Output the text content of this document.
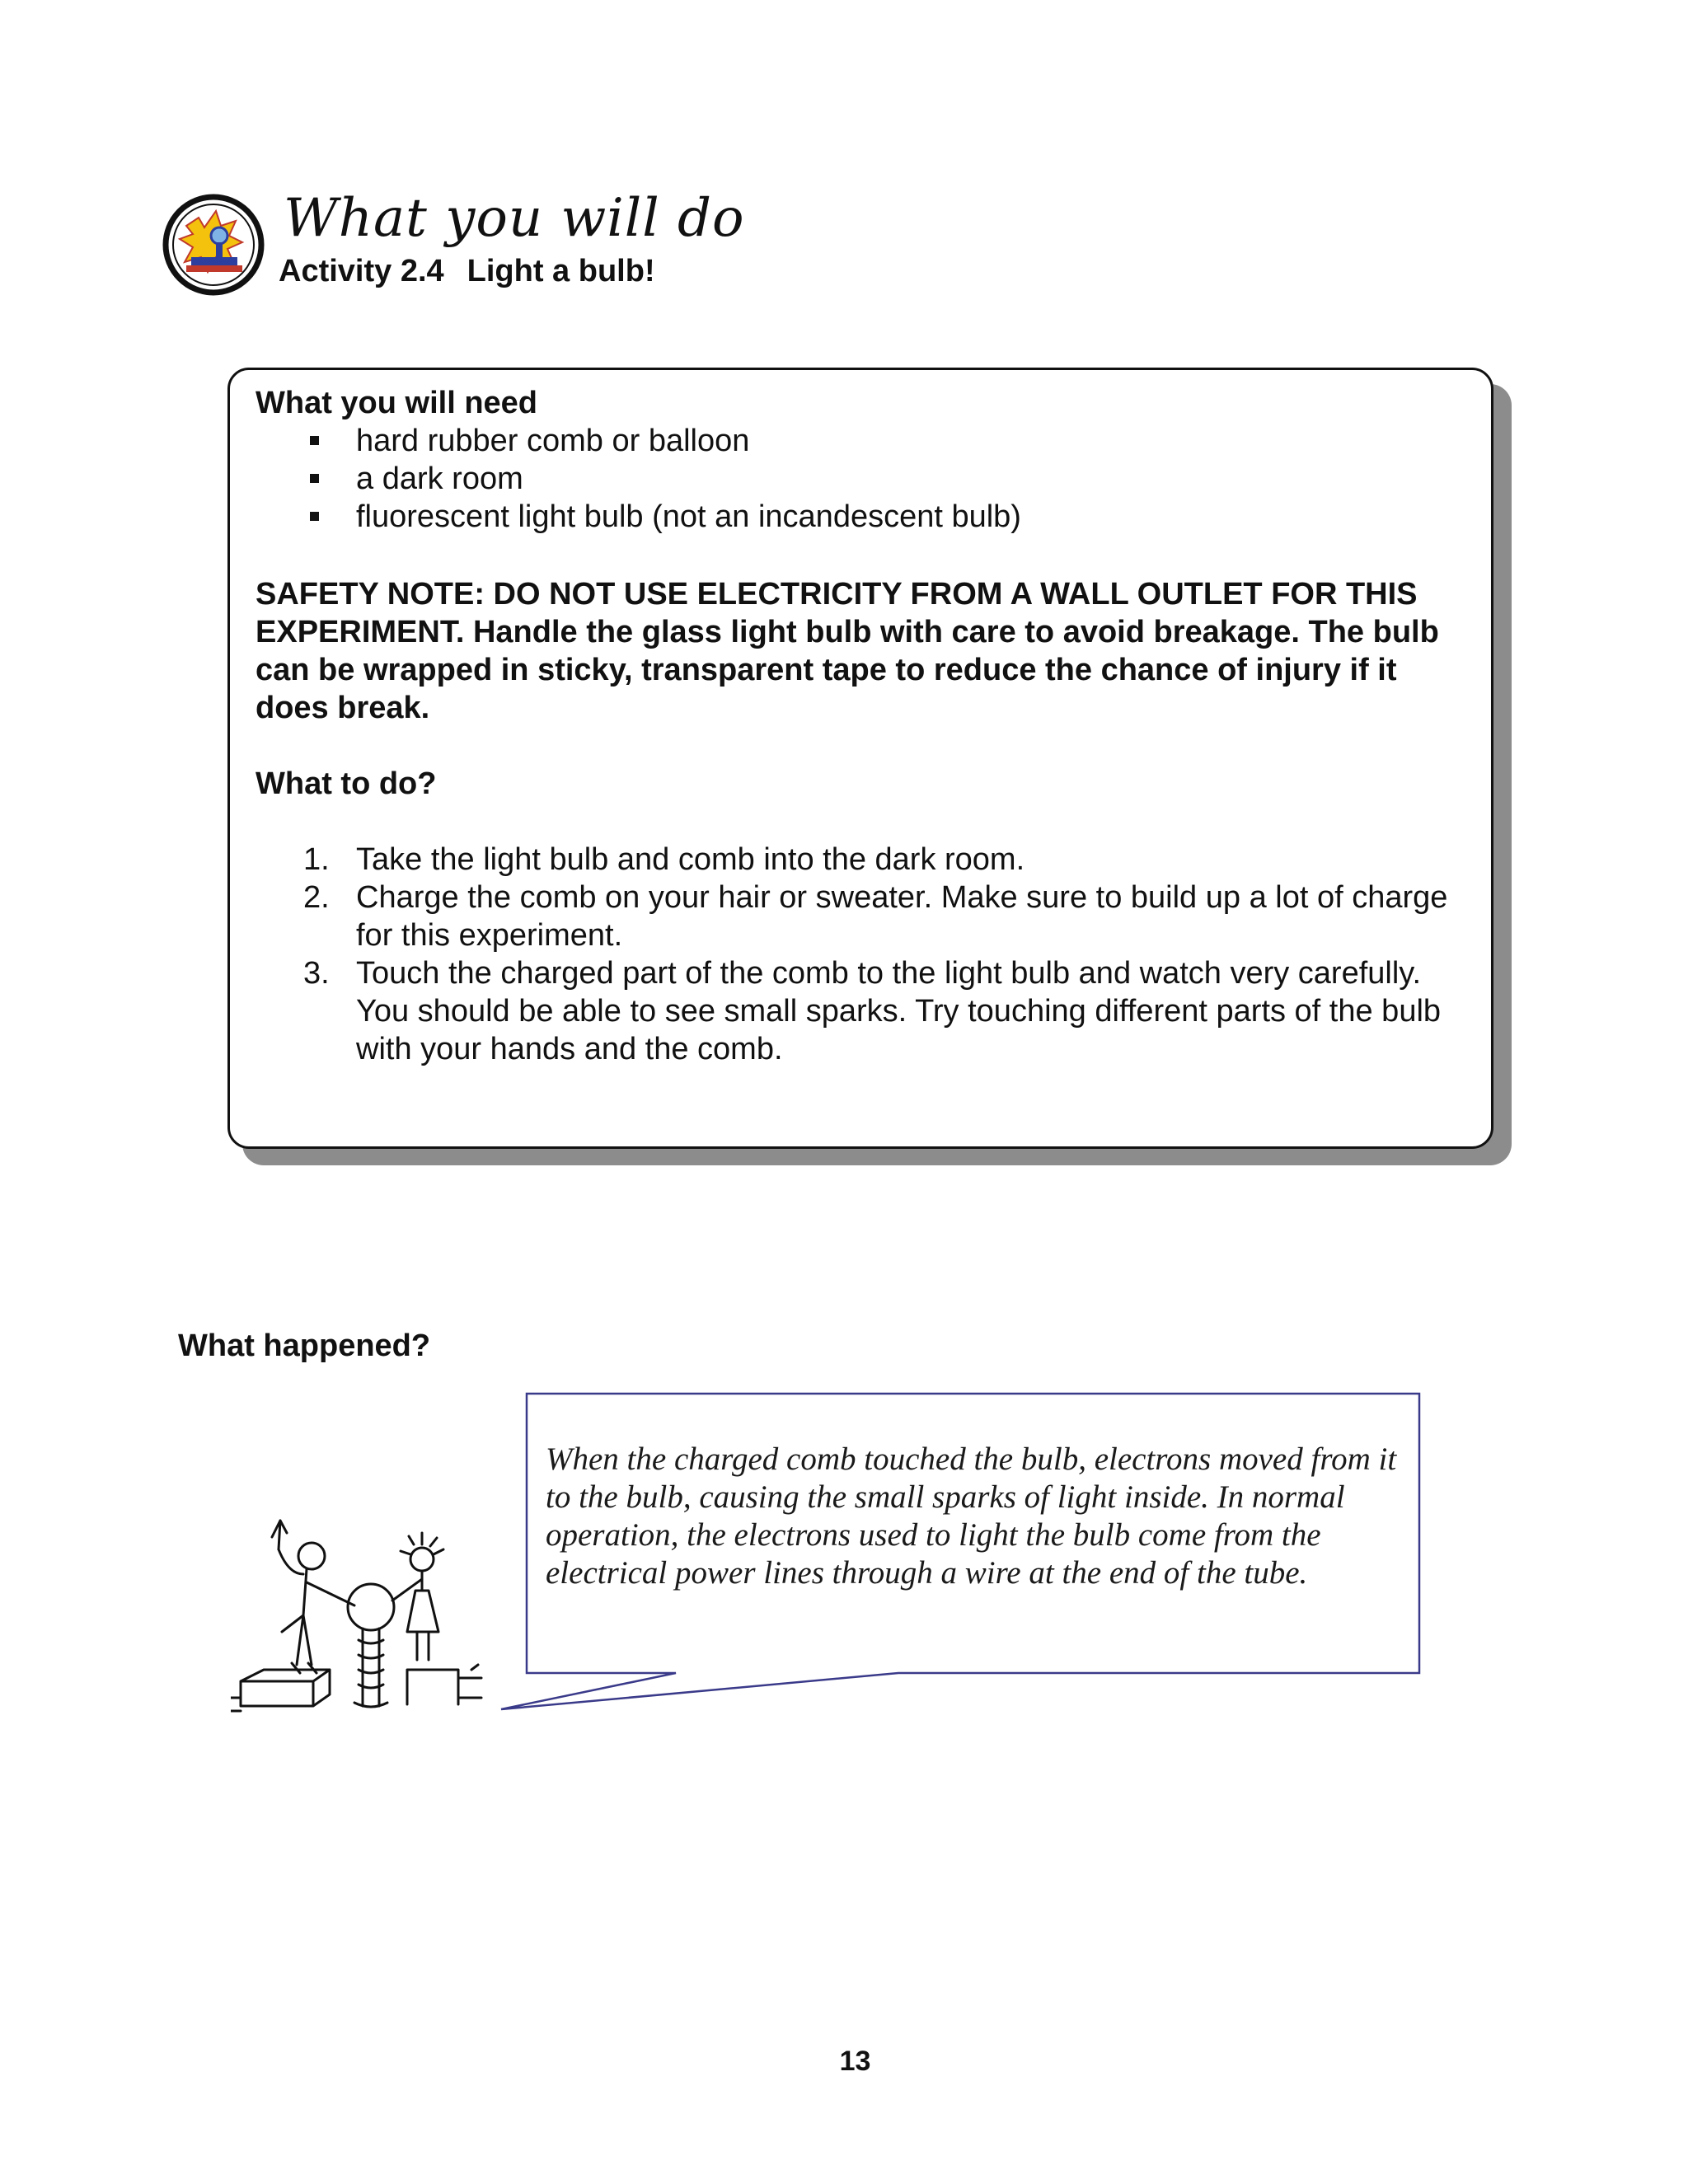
What you will do
Activity 2.4 Light a bulb!
What you will need
hard rubber comb or balloon
a dark room
fluorescent light bulb (not an incandescent bulb)
SAFETY NOTE: DO NOT USE ELECTRICITY FROM A WALL OUTLET FOR THIS EXPERIMENT. Handle the glass light bulb with care to avoid breakage. The bulb can be wrapped in sticky, transparent tape to reduce the chance of injury if it does break.
What to do?
1. Take the light bulb and comb into the dark room.
2. Charge the comb on your hair or sweater. Make sure to build up a lot of charge for this experiment.
3. Touch the charged part of the comb to the light bulb and watch very carefully. You should be able to see small sparks. Try touching different parts of the bulb with your hands and the comb.
What happened?
When the charged comb touched the bulb, electrons moved from it to the bulb, causing the small sparks of light inside. In normal operation, the electrons used to light the bulb come from the electrical power lines through a wire at the end of the tube.
13
